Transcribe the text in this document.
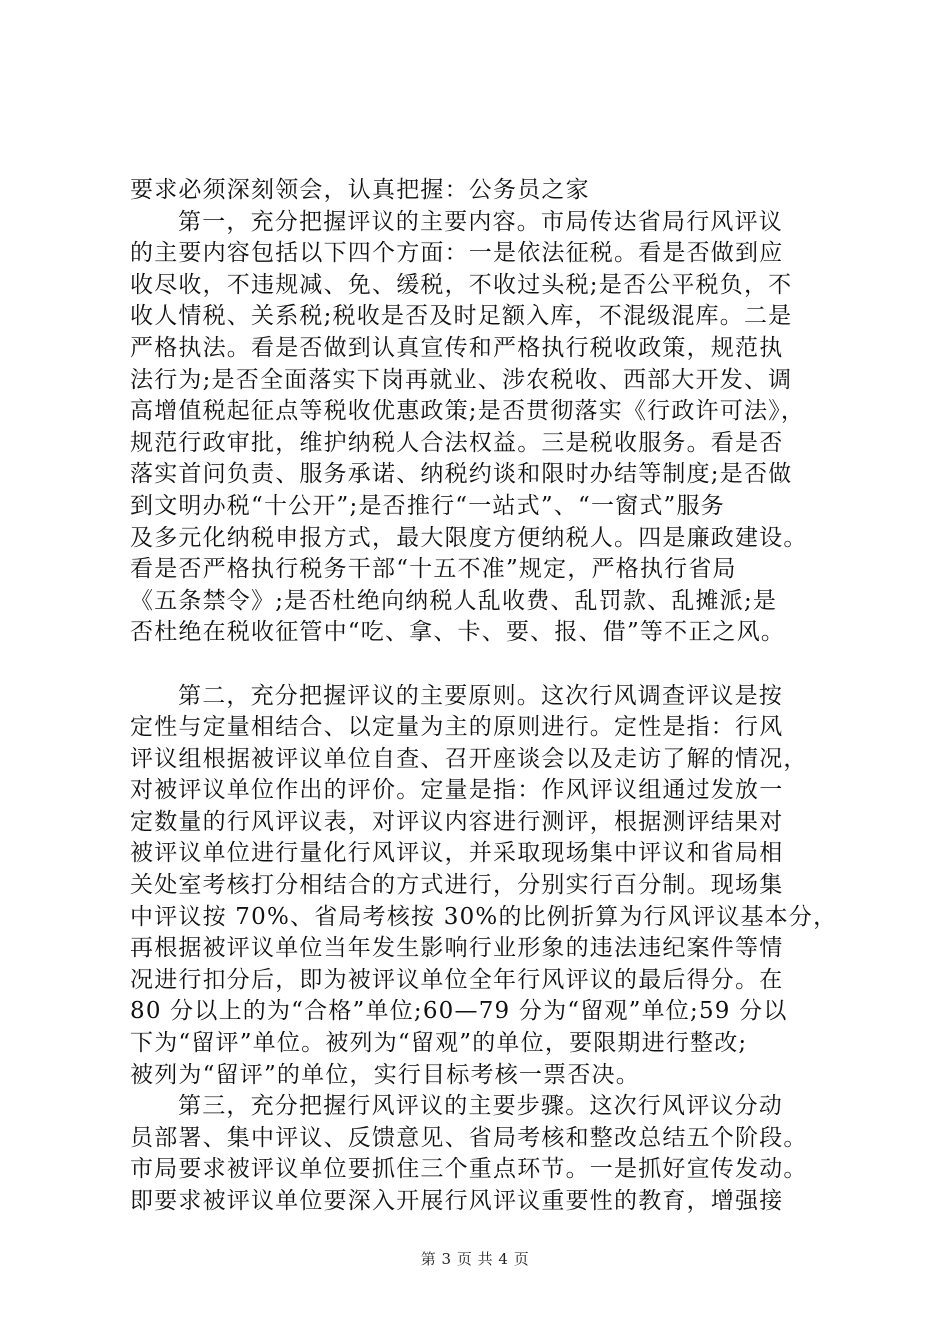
要求必须深刻领会，认真把握：公务员之家
第一，充分把握评议的主要内容。市局传达省局行风评议
的主要内容包括以下四个方面：一是依法征税。看是否做到应
收尽收，不违规减、免、缓税，不收过头税;是否公平税负，不
收人情税、关系税;税收是否及时足额入库，不混级混库。二是
严格执法。看是否做到认真宣传和严格执行税收政策，规范执
法行为;是否全面落实下岗再就业、涉农税收、西部大开发、调
高增值税起征点等税收优惠政策;是否贯彻落实《行政许可法》，
规范行政审批，维护纳税人合法权益。三是税收服务。看是否
落实首问负责、服务承诺、纳税约谈和限时办结等制度;是否做
到文明办税“十公开”;是否推行“一站式”、“一窗式”服务
及多元化纳税申报方式，最大限度方便纳税人。四是廉政建设。
看是否严格执行税务干部“十五不准”规定，严格执行省局
《五条禁令》;是否杜绝向纳税人乱收费、乱罚款、乱摊派;是
否杜绝在税收征管中“吃、拿、卡、要、报、借”等不正之风。
第二，充分把握评议的主要原则。这次行风调查评议是按
定性与定量相结合、以定量为主的原则进行。定性是指：行风
评议组根据被评议单位自查、召开座谈会以及走访了解的情况，
对被评议单位作出的评价。定量是指：作风评议组通过发放一
定数量的行风评议表，对评议内容进行测评，根据测评结果对
被评议单位进行量化行风评议，并采取现场集中评议和省局相
关处室考核打分相结合的方式进行，分别实行百分制。现场集
中评议按 70%、省局考核按 30%的比例折算为行风评议基本分，
再根据被评议单位当年发生影响行业形象的违法违纪案件等情
况进行扣分后，即为被评议单位全年行风评议的最后得分。在
80 分以上的为“合格”单位;60—79 分为“留观”单位;59 分以
下为“留评”单位。被列为“留观”的单位，要限期进行整改;
被列为“留评”的单位，实行目标考核一票否决。
第三，充分把握行风评议的主要步骤。这次行风评议分动
员部署、集中评议、反馈意见、省局考核和整改总结五个阶段。
市局要求被评议单位要抓住三个重点环节。一是抓好宣传发动。
即要求被评议单位要深入开展行风评议重要性的教育，增强接
第 3 页 共 4 页
